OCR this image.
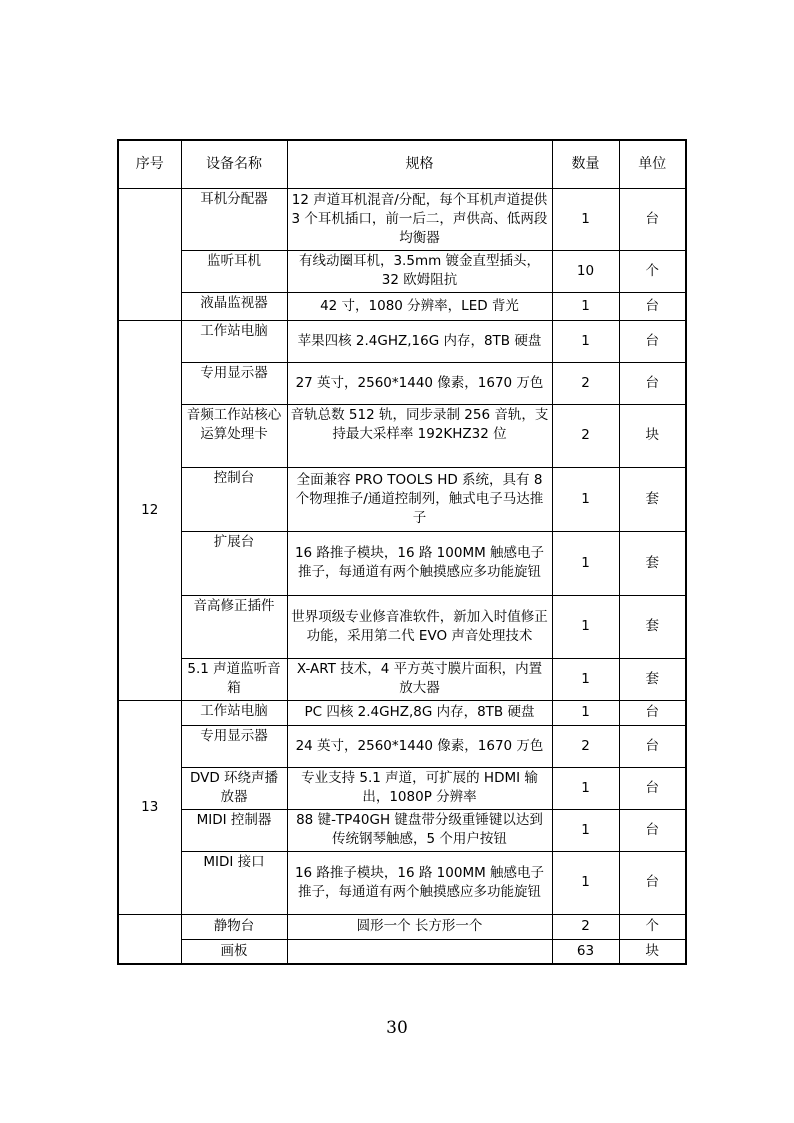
序号	设备名称	规格	数量	单位
	耳机分配器	12 声道耳机混音/分配，每个耳机声道提供 3 个耳机插口，前一后二，声供高、低两段均衡器	1	台
	监听耳机	有线动圈耳机，3.5mm 镀金直型插头，32 欧姆阻抗	10	个
	液晶监视器	42 寸，1080 分辨率，LED 背光	1	台
12	工作站电脑	苹果四核 2.4GHZ,16G 内存，8TB 硬盘	1	台
	专用显示器	27 英寸，2560*1440 像素，1670 万色	2	台
	音频工作站核心运算处理卡	音轨总数 512 轨，同步录制 256 音轨，支持最大采样率 192KHZ32 位	2	块
	控制台	全面兼容 PRO TOOLS HD 系统，具有 8 个物理推子/通道控制列，触式电子马达推子	1	套
	扩展台	16 路推子模块，16 路 100MM 触感电子推子，每通道有两个触摸感应多功能旋钮	1	套
	音高修正插件	世界项级专业修音准软件，新加入时值修正功能，采用第二代 EVO 声音处理技术	1	套
	5.1 声道监听音箱	X-ART 技术，4 平方英寸膜片面积，内置放大器	1	套
13	工作站电脑	PC 四核 2.4GHZ,8G 内存，8TB 硬盘	1	台
	专用显示器	24 英寸，2560*1440 像素，1670 万色	2	台
	DVD 环绕声播放器	专业支持 5.1 声道，可扩展的 HDMI 输出，1080P 分辨率	1	台
	MIDI 控制器	88 键-TP40GH 键盘带分级重锤键以达到传统钢琴触感，5 个用户按钮	1	台
	MIDI 接口	16 路推子模块，16 路 100MM 触感电子推子，每通道有两个触摸感应多功能旋钮	1	台
	静物台	圆形一个 长方形一个	2	个
	画板		63	块
30
